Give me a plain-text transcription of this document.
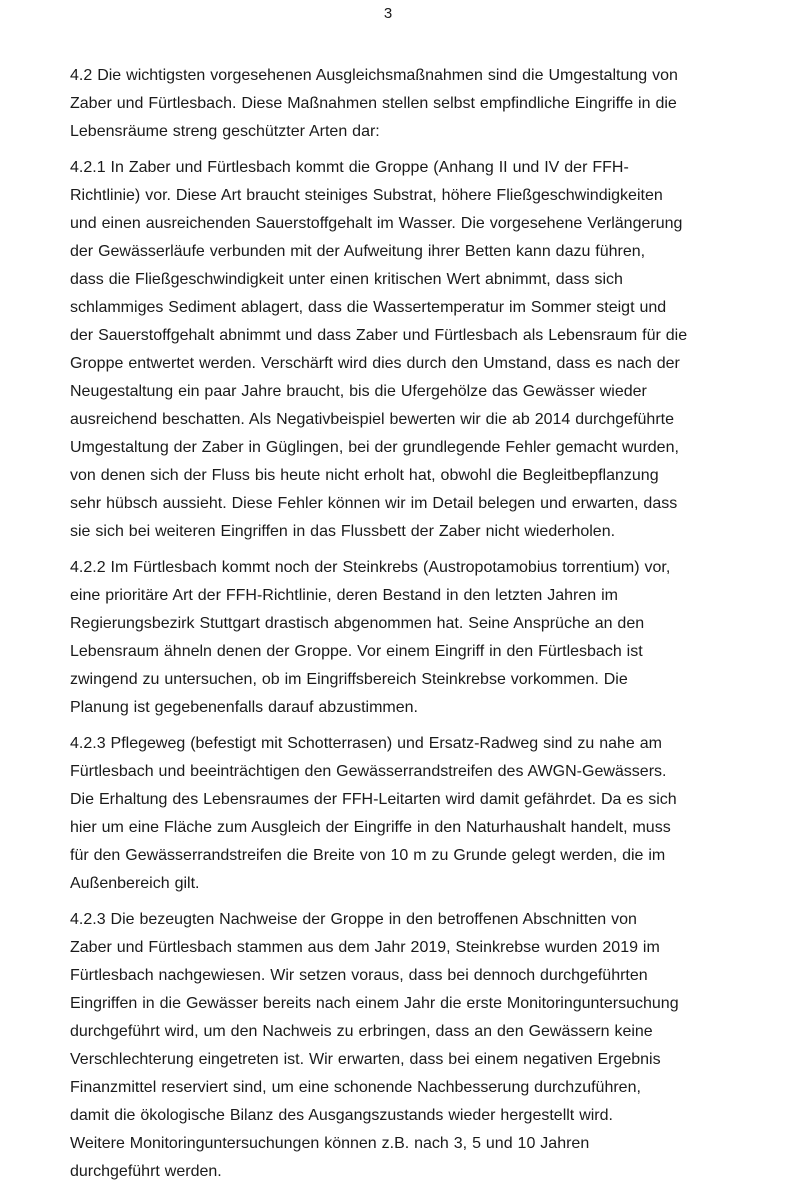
3

4.2 Die wichtigsten vorgesehenen Ausgleichsmaßnahmen sind die Umgestaltung von
Zaber und Fürtlesbach. Diese Maßnahmen stellen selbst empfindliche Eingriffe in die
Lebensräume streng geschützter Arten dar:

4.2.1 In Zaber und Fürtlesbach kommt die Groppe (Anhang II und IV der FFH-
Richtlinie) vor. Diese Art braucht steiniges Substrat, höhere Fließgeschwindigkeiten
und einen ausreichenden Sauerstoffgehalt im Wasser. Die vorgesehene Verlängerung
der Gewässerläufe verbunden mit der Aufweitung ihrer Betten kann dazu führen,
dass die Fließgeschwindigkeit unter einen kritischen Wert abnimmt, dass sich
schlammiges Sediment ablagert, dass die Wassertemperatur im Sommer steigt und
der Sauerstoffgehalt abnimmt und dass Zaber und Fürtlesbach als Lebensraum für die
Groppe entwertet werden. Verschärft wird dies durch den Umstand, dass es nach der
Neugestaltung ein paar Jahre braucht, bis die Ufergehölze das Gewässer wieder
ausreichend beschatten. Als Negativbeispiel bewerten wir die ab 2014 durchgeführte
Umgestaltung der Zaber in Güglingen, bei der grundlegende Fehler gemacht wurden,
von denen sich der Fluss bis heute nicht erholt hat, obwohl die Begleitbepflanzung
sehr hübsch aussieht. Diese Fehler können wir im Detail belegen und erwarten, dass
sie sich bei weiteren Eingriffen in das Flussbett der Zaber nicht wiederholen.

4.2.2 Im Fürtlesbach kommt noch der Steinkrebs (Austropotamobius torrentium) vor,
eine prioritäre Art der FFH-Richtlinie, deren Bestand in den letzten Jahren im
Regierungsbezirk Stuttgart drastisch abgenommen hat. Seine Ansprüche an den
Lebensraum ähneln denen der Groppe. Vor einem Eingriff in den Fürtlesbach ist
zwingend zu untersuchen, ob im Eingriffsbereich Steinkrebse vorkommen. Die
Planung ist gegebenenfalls darauf abzustimmen.

4.2.3 Pflegeweg (befestigt mit Schotterrasen) und Ersatz-Radweg sind zu nahe am
Fürtlesbach und beeinträchtigen den Gewässerrandstreifen des AWGN-Gewässers.
Die Erhaltung des Lebensraumes der FFH-Leitarten wird damit gefährdet. Da es sich
hier um eine Fläche zum Ausgleich der Eingriffe in den Naturhaushalt handelt, muss
für den Gewässerrandstreifen die Breite von 10 m zu Grunde gelegt werden, die im
Außenbereich gilt.

4.2.3 Die bezeugten Nachweise der Groppe in den betroffenen Abschnitten von
Zaber und Fürtlesbach stammen aus dem Jahr 2019, Steinkrebse wurden 2019 im
Fürtlesbach nachgewiesen. Wir setzen voraus, dass bei dennoch durchgeführten
Eingriffen in die Gewässer bereits nach einem Jahr die erste Monitoringuntersuchung
durchgeführt wird, um den Nachweis zu erbringen, dass an den Gewässern keine
Verschlechterung eingetreten ist. Wir erwarten, dass bei einem negativen Ergebnis
Finanzmittel reserviert sind, um eine schonende Nachbesserung durchzuführen,
damit die ökologische Bilanz des Ausgangszustands wieder hergestellt wird.
Weitere Monitoringuntersuchungen können z.B. nach 3, 5 und 10 Jahren
durchgeführt werden.
